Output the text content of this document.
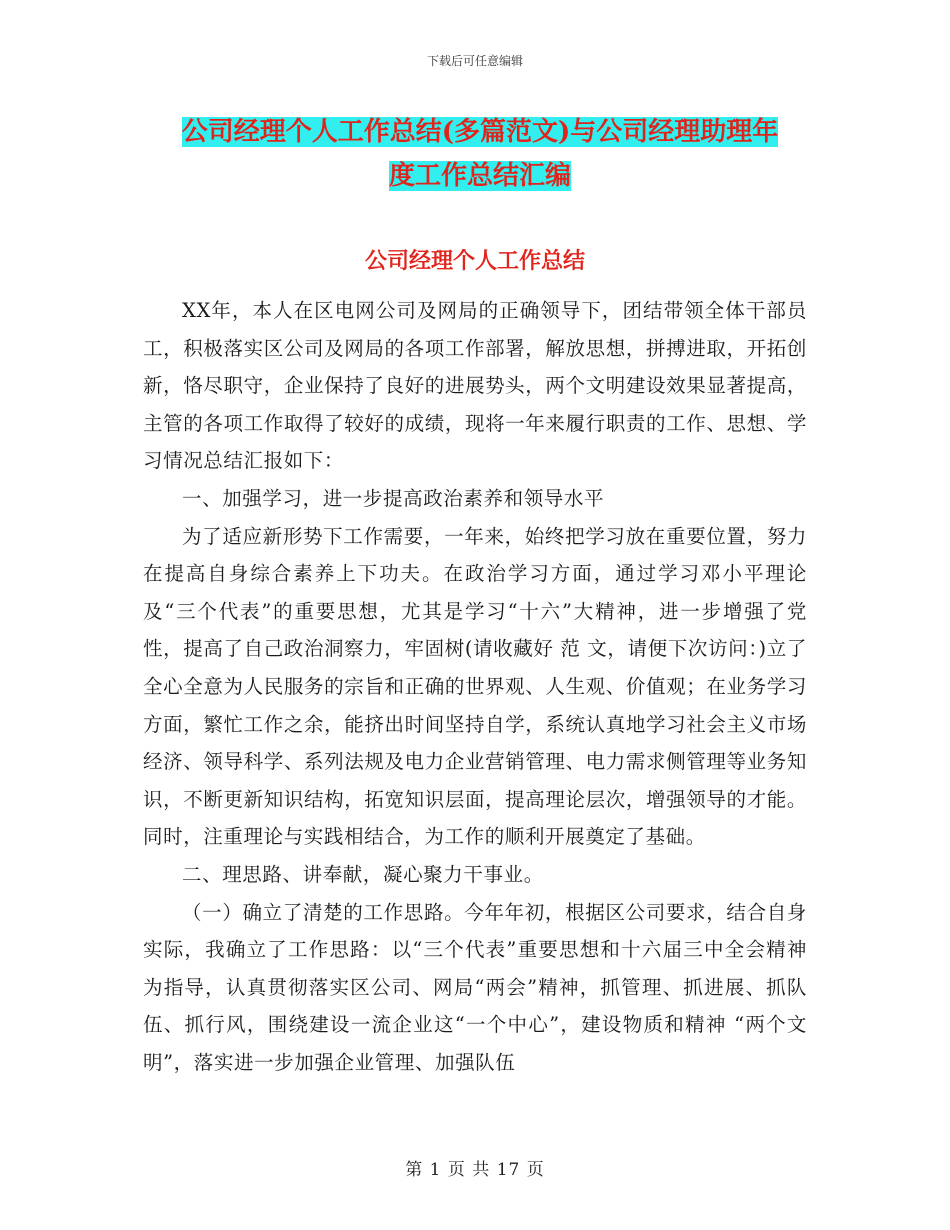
下载后可任意编辑
公司经理个人工作总结(多篇范文)与公司经理助理年
度工作总结汇编
公司经理个人工作总结

XX年，本人在区电网公司及网局的正确领导下，团结带领全体干部员工，积极落实区公司及网局的各项工作部署，解放思想，拼搏进取，开拓创新，恪尽职守，企业保持了良好的进展势头，两个文明建设效果显著提高，主管的各项工作取得了较好的成绩，现将一年来履行职责的工作、思想、学习情况总结汇报如下：

一、加强学习，进一步提高政治素养和领导水平

为了适应新形势下工作需要，一年来，始终把学习放在重要位置，努力在提高自身综合素养上下功夫。在政治学习方面，通过学习邓小平理论及“三个代表”的重要思想，尤其是学习“十六”大精神，进一步增强了党性，提高了自己政治洞察力，牢固树(请收藏好 范 文，请便下次访问：)立了全心全意为人民服务的宗旨和正确的世界观、人生观、价值观；在业务学习方面，繁忙工作之余，能挤出时间坚持自学，系统认真地学习社会主义市场经济、领导科学、系列法规及电力企业营销管理、电力需求侧管理等业务知识，不断更新知识结构，拓宽知识层面，提高理论层次，增强领导的才能。同时，注重理论与实践相结合，为工作的顺利开展奠定了基础。

二、理思路、讲奉献，凝心聚力干事业。

（一）确立了清楚的工作思路。今年年初，根据区公司要求，结合自身实际，我确立了工作思路：以“三个代表”重要思想和十六届三中全会精神为指导，认真贯彻落实区公司、网局“两会”精神，抓管理、抓进展、抓队伍、抓行风，围绕建设一流企业这“一个中心”，建设物质和精神 “两个文明”，落实进一步加强企业管理、加强队伍

第 1 页 共 17 页
